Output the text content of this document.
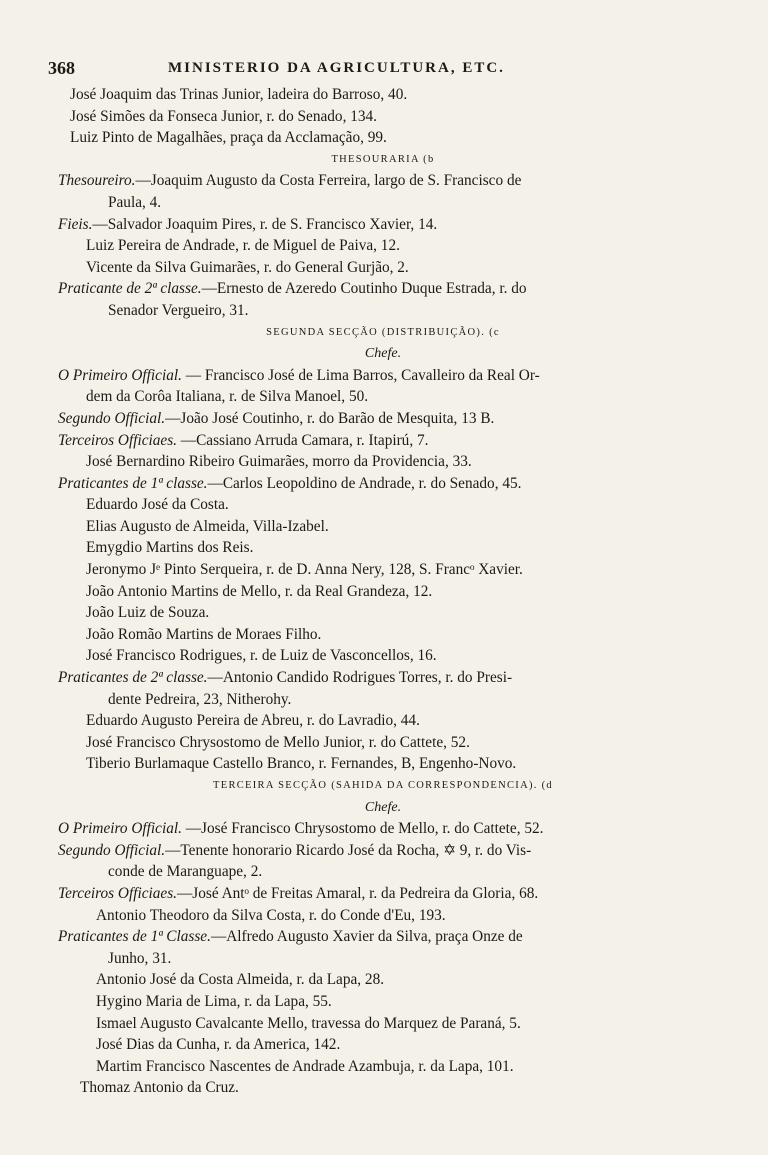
368	MINISTERIO DA AGRICULTURA, ETC.
José Joaquim das Trinas Junior, ladeira do Barroso, 40.
José Simões da Fonseca Junior, r. do Senado, 134.
Luiz Pinto de Magalhães, praça da Acclamação, 99.
THESOURARIA (b
Thesoureiro.—Joaquim Augusto da Costa Ferreira, largo de S. Francisco de
Paula, 4.
Fieis.—Salvador Joaquim Pires, r. de S. Francisco Xavier, 14.
Luiz Pereira de Andrade, r. de Miguel de Paiva, 12.
Vicente da Silva Guimarães, r. do General Gurjão, 2.
Praticante de 2ª classe.—Ernesto de Azeredo Coutinho Duque Estrada, r. do
Senador Vergueiro, 31.
SEGUNDA SECÇÃO (DISTRIBUIÇÃO). (c
Chefe.
O Primeiro Official. — Francisco José de Lima Barros, Cavalleiro da Real Or-
dem da Corôa Italiana, r. de Silva Manoel, 50.
Segundo Official.—João José Coutinho, r. do Barão de Mesquita, 13 B.
Terceiros Officiaes. —Cassiano Arruda Camara, r. Itapirú, 7.
José Bernardino Ribeiro Guimarães, morro da Providencia, 33.
Praticantes de 1ª classe.—Carlos Leopoldino de Andrade, r. do Senado, 45.
Eduardo José da Costa.
Elias Augusto de Almeida, Villa-Izabel.
Emygdio Martins dos Reis.
Jeronymo Jᵉ Pinto Serqueira, r. de D. Anna Nery, 128, S. Francᵒ Xavier.
João Antonio Martins de Mello, r. da Real Grandeza, 12.
João Luiz de Souza.
João Romão Martins de Moraes Filho.
José Francisco Rodrigues, r. de Luiz de Vasconcellos, 16.
Praticantes de 2ª classe.—Antonio Candido Rodrigues Torres, r. do Presi-
dente Pedreira, 23, Nitherohy.
Eduardo Augusto Pereira de Abreu, r. do Lavradio, 44.
José Francisco Chrysostomo de Mello Junior, r. do Cattete, 52.
Tiberio Burlamaque Castello Branco, r. Fernandes, B, Engenho-Novo.
TERCEIRA SECÇÃO (SAHIDA DA CORRESPONDENCIA). (d
Chefe.
O Primeiro Official. —José Francisco Chrysostomo de Mello, r. do Cattete, 52.
Segundo Official.—Tenente honorario Ricardo José da Rocha, ✡ 9, r. do Vis-
conde de Maranguape, 2.
Terceiros Officiaes.—José Antᵒ de Freitas Amaral, r. da Pedreira da Gloria, 68.
Antonio Theodoro da Silva Costa, r. do Conde d'Eu, 193.
Praticantes de 1ª Classe.—Alfredo Augusto Xavier da Silva, praça Onze de
Junho, 31.
Antonio José da Costa Almeida, r. da Lapa, 28.
Hygino Maria de Lima, r. da Lapa, 55.
Ismael Augusto Cavalcante Mello, travessa do Marquez de Paraná, 5.
José Dias da Cunha, r. da America, 142.
Martim Francisco Nascentes de Andrade Azambuja, r. da Lapa, 101.
Thomaz Antonio da Cruz.
